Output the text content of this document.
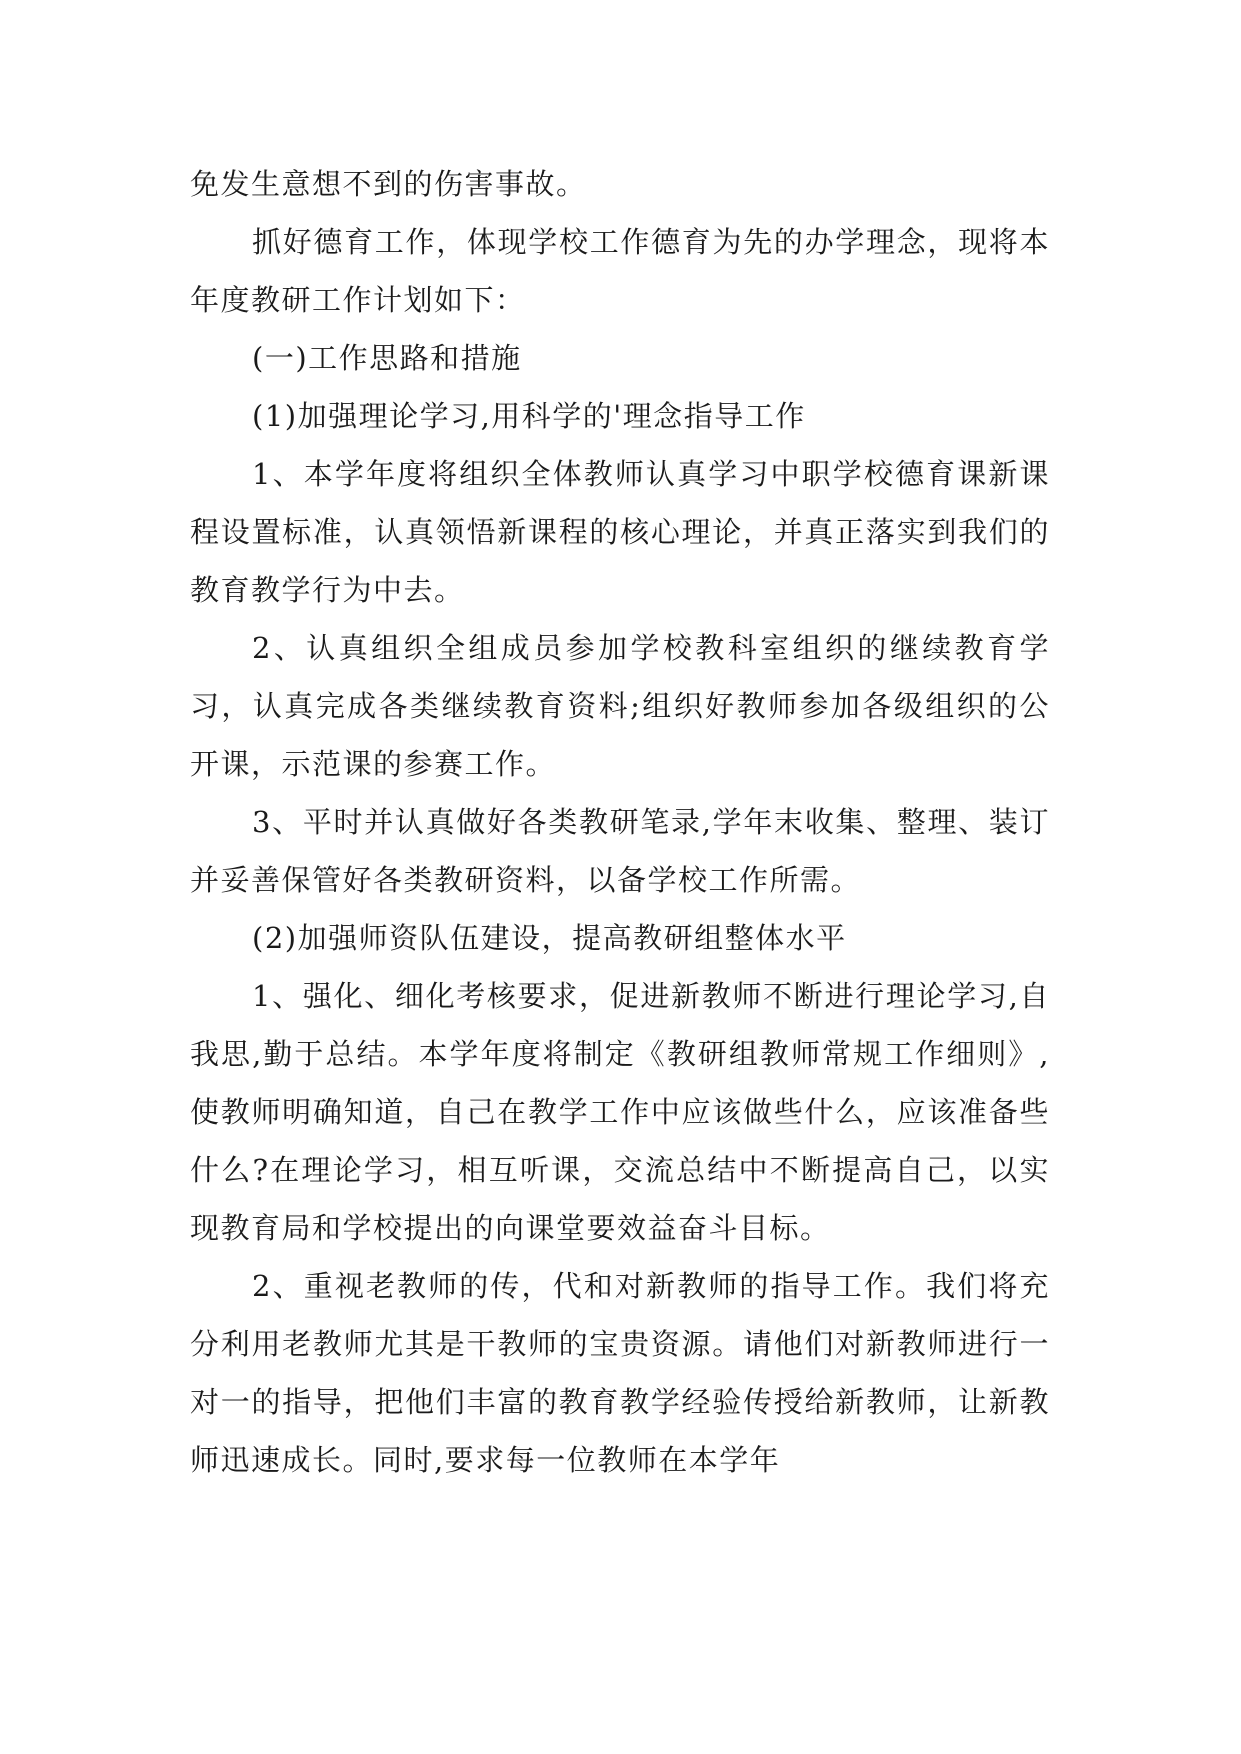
免发生意想不到的伤害事故。

抓好德育工作，体现学校工作德育为先的办学理念，现将本年度教研工作计划如下：

(一)工作思路和措施

(1)加强理论学习,用科学的'理念指导工作

1、本学年度将组织全体教师认真学习中职学校德育课新课程设置标准，认真领悟新课程的核心理论，并真正落实到我们的教育教学行为中去。

2、认真组织全组成员参加学校教科室组织的继续教育学习，认真完成各类继续教育资料;组织好教师参加各级组织的公开课，示范课的参赛工作。

3、平时并认真做好各类教研笔录,学年末收集、整理、装订并妥善保管好各类教研资料，以备学校工作所需。

(2)加强师资队伍建设，提高教研组整体水平

1、强化、细化考核要求，促进新教师不断进行理论学习,自我思,勤于总结。本学年度将制定《教研组教师常规工作细则》,使教师明确知道，自己在教学工作中应该做些什么，应该准备些什么?在理论学习，相互听课，交流总结中不断提高自己，以实现教育局和学校提出的向课堂要效益奋斗目标。

2、重视老教师的传，代和对新教师的指导工作。我们将充分利用老教师尤其是干教师的宝贵资源。请他们对新教师进行一对一的指导，把他们丰富的教育教学经验传授给新教师，让新教师迅速成长。同时,要求每一位教师在本学年
